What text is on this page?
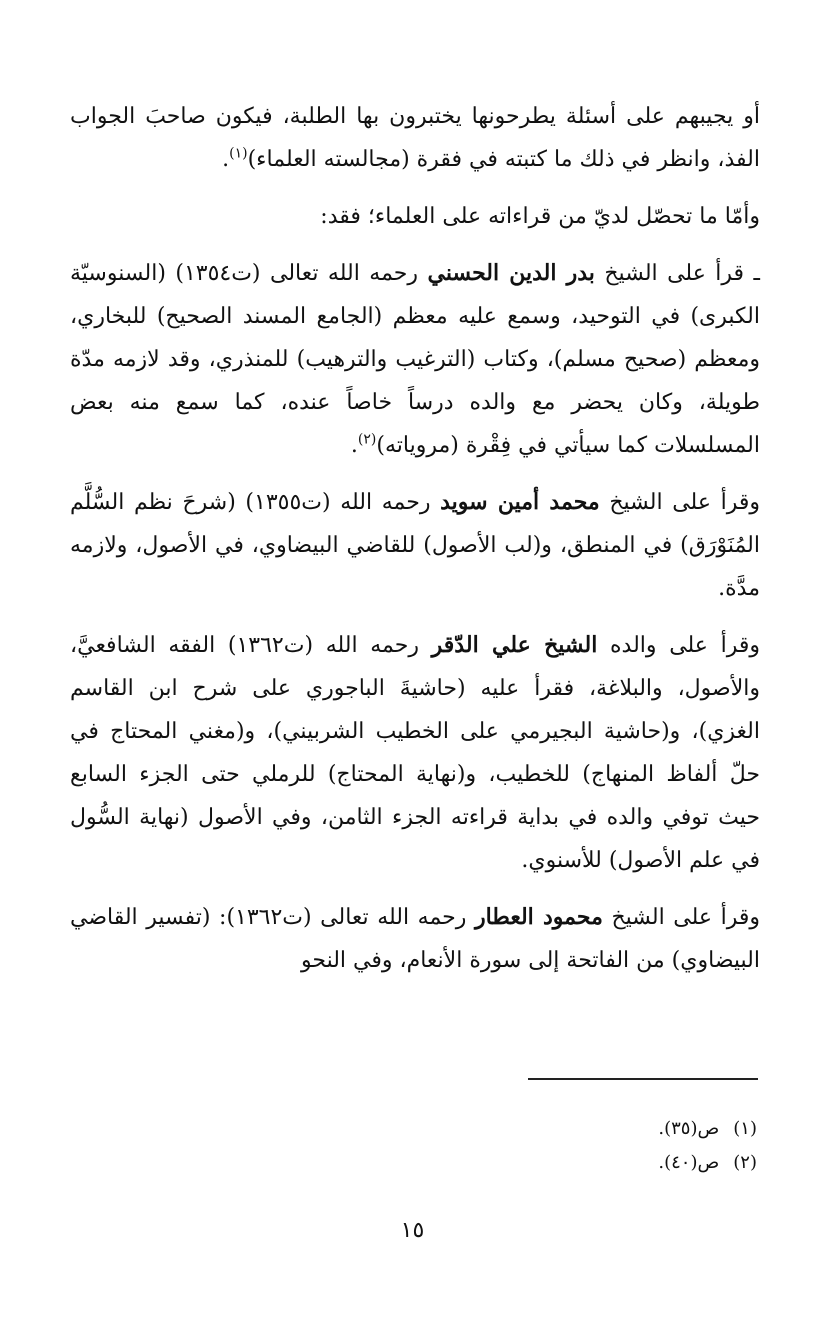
أو يجيبهم على أسئلة يطرحونها يختبرون بها الطلبة، فيكون صاحبَ الجواب الفذ، وانظر في ذلك ما كتبته في فقرة (مجالسته العلماء)$^{(١)}$.

وأمّا ما تحصّل لديّ من قراءاته على العلماء؛ فقد:

ـ قرأ على الشيخ بدر الدين الحسني رحمه الله تعالى (ت١٣٥٤) (السنوسيّة الكبرى) في التوحيد، وسمع عليه معظم (الجامع المسند الصحيح) للبخاري، ومعظم (صحيح مسلم)، وكتاب (الترغيب والترهيب) للمنذري، وقد لازمه مدّة طويلة، وكان يحضر مع والده درساً خاصاً عنده، كما سمع منه بعض المسلسلات كما سيأتي في فِقْرة (مروياته)$^{(٢)}$.

وقرأ على الشيخ محمد أمين سويد رحمه الله (ت١٣٥٥) (شرحَ نظم السُّلَّم المُنَوْرَق) في المنطق، و(لب الأصول) للقاضي البيضاوي، في الأصول، ولازمه مدَّة.

وقرأ على والده الشيخ علي الدّقر رحمه الله (ت١٣٦٢) الفقه الشافعيَّ، والأصول، والبلاغة، فقرأ عليه (حاشيةَ الباجوري على شرح ابن القاسم الغزي)، و(حاشية البجيرمي على الخطيب الشربيني)، و(مغني المحتاج في حلّ ألفاظ المنهاج) للخطيب، و(نهاية المحتاج) للرملي حتى الجزء السابع حيث توفي والده في بداية قراءته الجزء الثامن، وفي الأصول (نهاية السُّول في علم الأصول) للأسنوي.

وقرأ على الشيخ محمود العطار رحمه الله تعالى (ت١٣٦٢): (تفسير القاضي البيضاوي) من الفاتحة إلى سورة الأنعام، وفي النحو

(١)ص(٣٥).
(٢)ص(٤٠).
١٥
